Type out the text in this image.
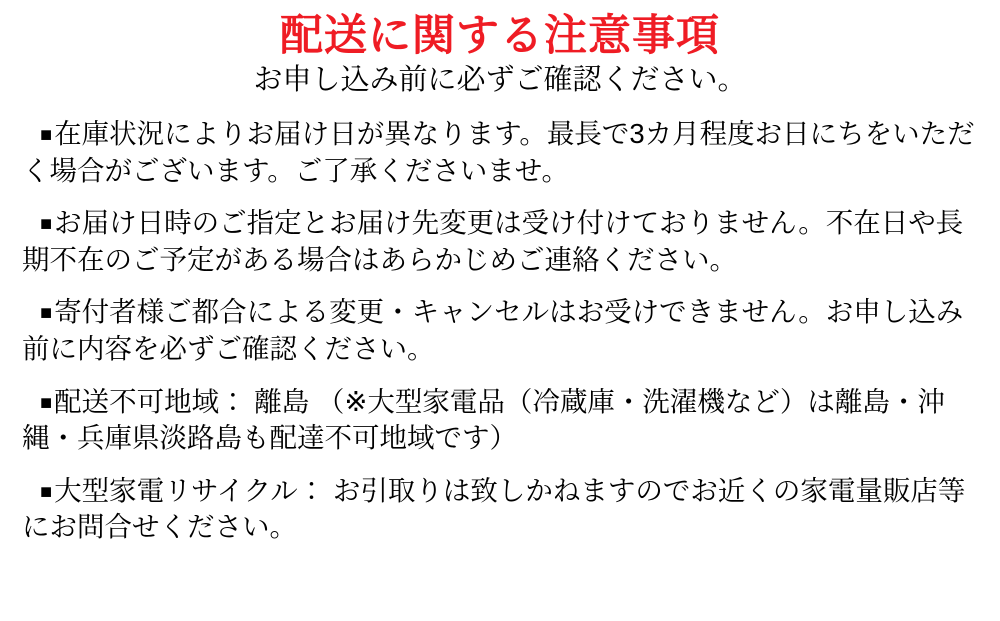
配送に関する注意事項
お申し込み前に必ずご確認ください。

■在庫状況によりお届け日が異なります。最長で3カ月程度お日にちをいただく場合がございます。ご了承くださいませ。

■お届け日時のご指定とお届け先変更は受け付けておりません。不在日や長期不在のご予定がある場合はあらかじめご連絡ください。

■寄付者様ご都合による変更・キャンセルはお受けできません。お申し込み前に内容を必ずご確認ください。

■配送不可地域： 離島 （※大型家電品（冷蔵庫・洗濯機など）は離島・沖縄・兵庫県淡路島も配達不可地域です）

■大型家電リサイクル： お引取りは致しかねますのでお近くの家電量販店等にお問合せください。
